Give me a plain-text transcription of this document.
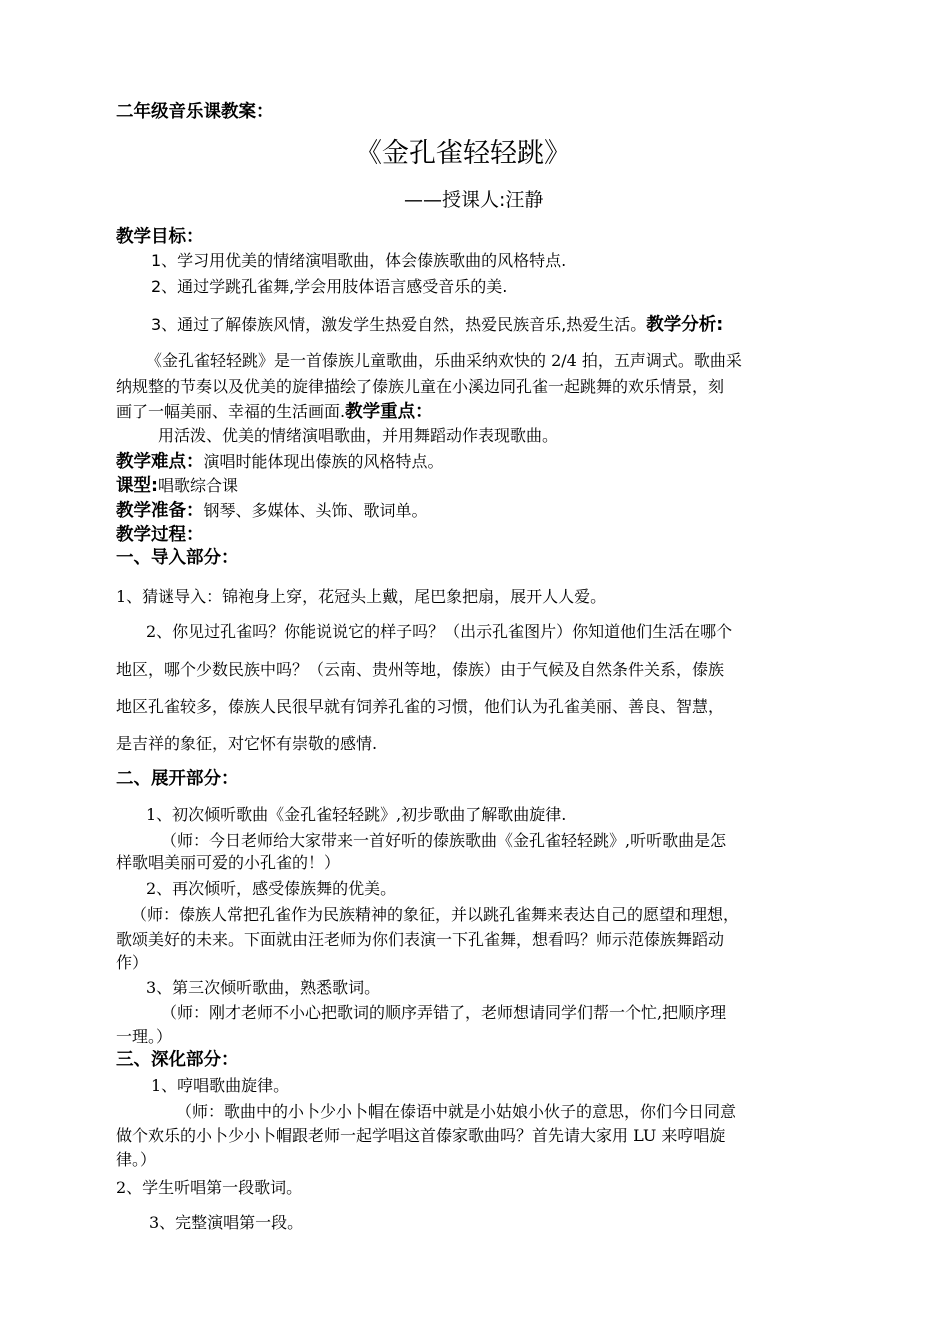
二年级音乐课教案：
《金孔雀轻轻跳》
——授课人:汪静
教学目标：
1、学习用优美的情绪演唱歌曲，体会傣族歌曲的风格特点.
2、通过学跳孔雀舞,学会用肢体语言感受音乐的美.
3、通过了解傣族风情，激发学生热爱自然，热爱民族音乐,热爱生活。教学分析:
《金孔雀轻轻跳》是一首傣族儿童歌曲，乐曲采纳欢快的 2/4 拍，五声调式。歌曲采
纳规整的节奏以及优美的旋律描绘了傣族儿童在小溪边同孔雀一起跳舞的欢乐情景，刻
画了一幅美丽、幸福的生活画面.教学重点：
用活泼、优美的情绪演唱歌曲，并用舞蹈动作表现歌曲。
教学难点：演唱时能体现出傣族的风格特点。
课型:唱歌综合课
教学准备：钢琴、多媒体、头饰、歌词单。
教学过程：
一、导入部分：
1、猜谜导入：锦袍身上穿，花冠头上戴，尾巴象把扇，展开人人爱。
2、你见过孔雀吗？你能说说它的样子吗？（出示孔雀图片）你知道他们生活在哪个
地区，哪个少数民族中吗？（云南、贵州等地，傣族）由于气候及自然条件关系，傣族
地区孔雀较多，傣族人民很早就有饲养孔雀的习惯，他们认为孔雀美丽、善良、智慧，
是吉祥的象征，对它怀有崇敬的感情.
二、展开部分：
1、初次倾听歌曲《金孔雀轻轻跳》,初步歌曲了解歌曲旋律.
（师：今日老师给大家带来一首好听的傣族歌曲《金孔雀轻轻跳》,听听歌曲是怎
样歌唱美丽可爱的小孔雀的！）
2、再次倾听，感受傣族舞的优美。
（师：傣族人常把孔雀作为民族精神的象征，并以跳孔雀舞来表达自己的愿望和理想，
歌颂美好的未来。下面就由汪老师为你们表演一下孔雀舞，想看吗？师示范傣族舞蹈动
作）
3、第三次倾听歌曲，熟悉歌词。
（师：刚才老师不小心把歌词的顺序弄错了，老师想请同学们帮一个忙,把顺序理
一理。）
三、深化部分：
1、哼唱歌曲旋律。
（师：歌曲中的小卜少小卜帽在傣语中就是小姑娘小伙子的意思，你们今日同意
做个欢乐的小卜少小卜帽跟老师一起学唱这首傣家歌曲吗？首先请大家用 LU 来哼唱旋
律。）
2、学生听唱第一段歌词。
3、完整演唱第一段。
